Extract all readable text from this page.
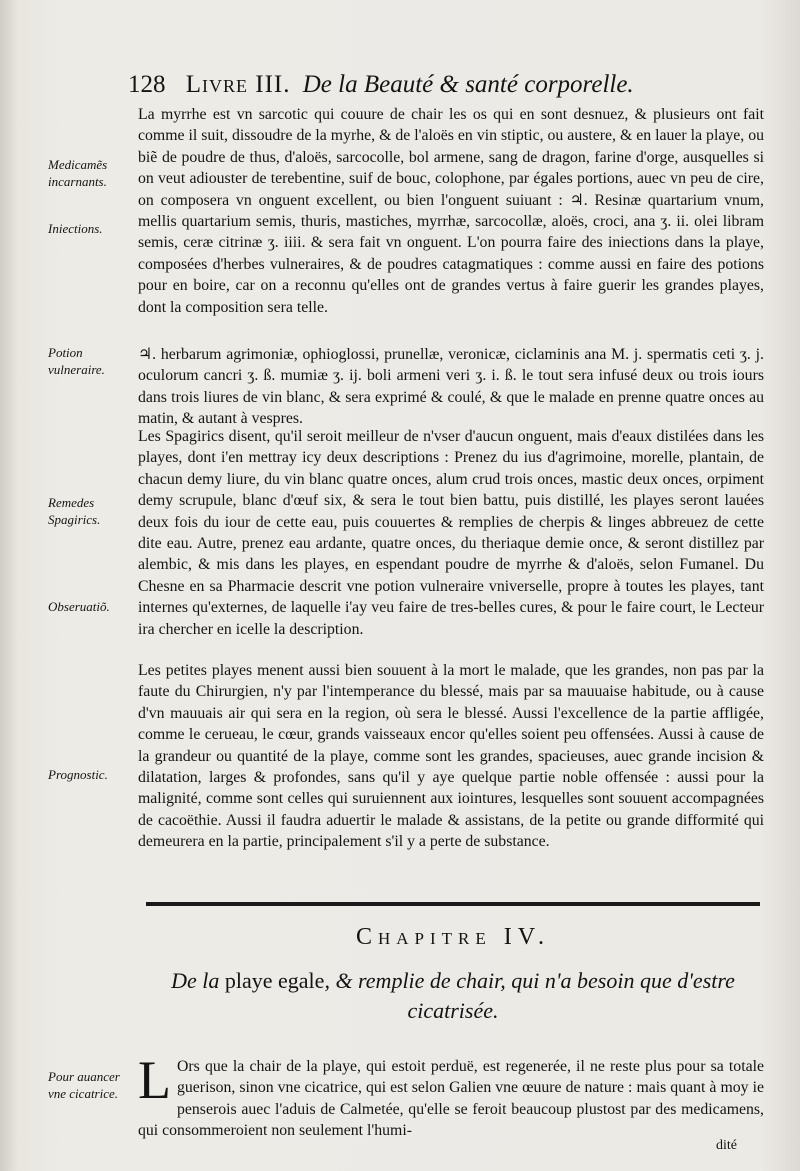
128 Livre III. De la Beauté & santé corporelle.
Medicamẽs incarnants.
Iniections.
Potion vulneraire.
Remedes Spagirics.
Obseruatiõ.
Prognostic.
Pour auancer vne cicatrice.

La myrrhe est vn sarcotic qui couure de chair les os qui en sont desnuez, & plusieurs ont fait comme il suit, dissoudre de la myrhe, & de l'aloës en vin stiptic, ou austere, & en lauer la playe, ou biẽ de poudre de thus, d'aloës, sarcocolle, bol armene, sang de dragon, farine d'orge, ausquelles si on veut adiouster de terebentine, suif de bouc, colophone, par égales portions, auec vn peu de cire, on composera vn onguent excellent, ou bien l'onguent suiuant : ♃. Resinæ quartarium vnum, mellis quartarium semis, thuris, mastiches, myrrhæ, sarcocollæ, aloës, croci, ana ʒ. ii. olei libram semis, ceræ citrinæ ʒ. iiii. & sera fait vn onguent. L'on pourra faire des iniections dans la playe, composées d'herbes vulneraires, & de poudres catagmatiques : comme aussi en faire des potions pour en boire, car on a reconnu qu'elles ont de grandes vertus à faire guerir les grandes playes, dont la composition sera telle.

♃. herbarum agrimoniæ, ophioglossi, prunellæ, veronicæ, ciclaminis ana M. j. spermatis ceti ʒ. j. oculorum cancri ʒ. ß. mumiæ ʒ. ij. boli armeni veri ʒ. i. ß. le tout sera infusé deux ou trois iours dans trois liures de vin blanc, & sera exprimé & coulé, & que le malade en prenne quatre onces au matin, & autant à vespres.

Les Spagirics disent, qu'il seroit meilleur de n'vser d'aucun onguent, mais d'eaux distilées dans les playes, dont i'en mettray icy deux descriptions : Prenez du ius d'agrimoine, morelle, plantain, de chacun demy liure, du vin blanc quatre onces, alum crud trois onces, mastic deux onces, orpiment demy scrupule, blanc d'œuf six, & sera le tout bien battu, puis distillé, les playes seront lauées deux fois du iour de cette eau, puis couuertes & remplies de cherpis & linges abbreuez de cette dite eau. Autre, prenez eau ardante, quatre onces, du theriaque demie once, & seront distillez par alembic, & mis dans les playes, en espendant poudre de myrrhe & d'aloës, selon Fumanel. Du Chesne en sa Pharmacie descrit vne potion vulneraire vniverselle, propre à toutes les playes, tant internes qu'externes, de laquelle i'ay veu faire de tres-belles cures, & pour le faire court, le Lecteur ira chercher en icelle la description.

Les petites playes menent aussi bien souuent à la mort le malade, que les grandes, non pas par la faute du Chirurgien, n'y par l'intemperance du blessé, mais par sa mauuaise habitude, ou à cause d'vn mauuais air qui sera en la region, où sera le blessé. Aussi l'excellence de la partie affligée, comme le cerueau, le cœur, grands vaisseaux encor qu'elles soient peu offensées. Aussi à cause de la grandeur ou quantité de la playe, comme sont les grandes, spacieuses, auec grande incision & dilatation, larges & profondes, sans qu'il y aye quelque partie noble offensée : aussi pour la malignité, comme sont celles qui suruiennent aux iointures, lesquelles sont souuent accompagnées de cacoëthie. Aussi il faudra aduertir le malade & assistans, de la petite ou grande difformité qui demeurera en la partie, principalement s'il y a perte de substance.

Chapitre IV.
De la playe egale, & remplie de chair, qui n'a besoin que d'estre cicatrisée.

L Ors que la chair de la playe, qui estoit perduë, est regenerée, il ne reste plus pour sa totale guerison, sinon vne cicatrice, qui est selon Galien vne œuure de nature : mais quant à moy ie penserois auec l'aduis de Calmetée, qu'elle se feroit beaucoup plustost par des medicamens, qui consommeroient non seulement l'humi-

dité
